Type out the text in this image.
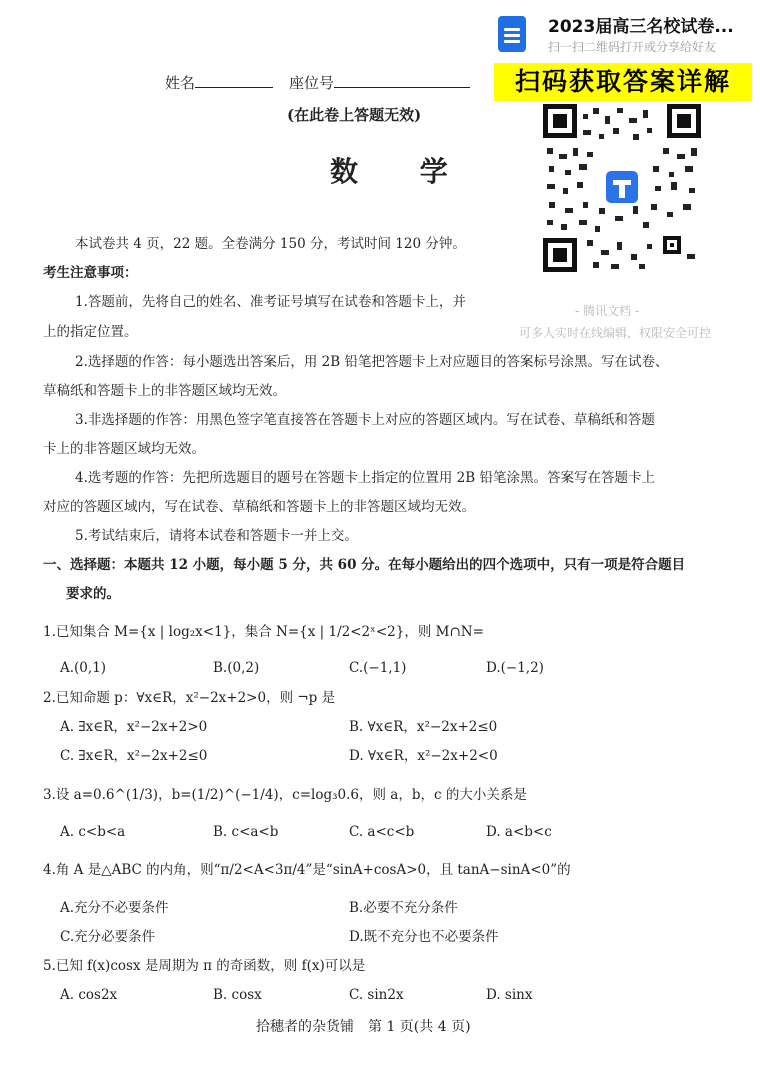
2023届高三名校试卷...
扫一扫二维码打开或分享给好友
姓名	座位号	扫码获取答案详解
(在此卷上答题无效)
数 学
本试卷共 4 页，22 题。全卷满分 150 分，考试时间 120 分钟。
考生注意事项：
1.答题前，先将自己的姓名、准考证号填写在试卷和答题卡上，并
- 腾讯文档 -
可多人实时在线编辑，权限安全可控
上的指定位置。
2.选择题的作答：每小题选出答案后，用 2B 铅笔把答题卡上对应题目的答案标号涂黑。写在试卷、
草稿纸和答题卡上的非答题区域均无效。
3.非选择题的作答：用黑色签字笔直接答在答题卡上对应的答题区域内。写在试卷、草稿纸和答题
卡上的非答题区域均无效。
4.选考题的作答：先把所选题目的题号在答题卡上指定的位置用 2B 铅笔涂黑。答案写在答题卡上
对应的答题区域内，写在试卷、草稿纸和答题卡上的非答题区域均无效。
5.考试结束后，请将本试卷和答题卡一并上交。
一、选择题：本题共 12 小题，每小题 5 分，共 60 分。在每小题给出的四个选项中，只有一项是符合题目
要求的。
1.已知集合 M={x | log₂x<1}，集合 N={x | 1/2<2ˣ<2}，则 M∩N=
A.(0,1)	B.(0,2)	C.(−1,1)	D.(−1,2)
2.已知命题 p：∀x∈R，x²−2x+2>0，则 ¬p 是
A. ∃x∈R，x²−2x+2>0	B. ∀x∈R，x²−2x+2≤0
C. ∃x∈R，x²−2x+2≤0	D. ∀x∈R，x²−2x+2<0
3.设 a=0.6^(1/3)，b=(1/2)^(−1/4)，c=log₃0.6，则 a，b，c 的大小关系是
A. c<b<a	B. c<a<b	C. a<c<b	D. a<b<c
4.角 A 是△ABC 的内角，则“π/2<A<3π/4”是“sinA+cosA>0，且 tanA−sinA<0”的
A.充分不必要条件	B.必要不充分条件
C.充分必要条件	D.既不充分也不必要条件
5.已知 f(x)cosx 是周期为 π 的奇函数，则 f(x)可以是
A. cos2x	B. cosx	C. sin2x	D. sinx
拾穗者的杂货铺　第 1 页(共 4 页)
